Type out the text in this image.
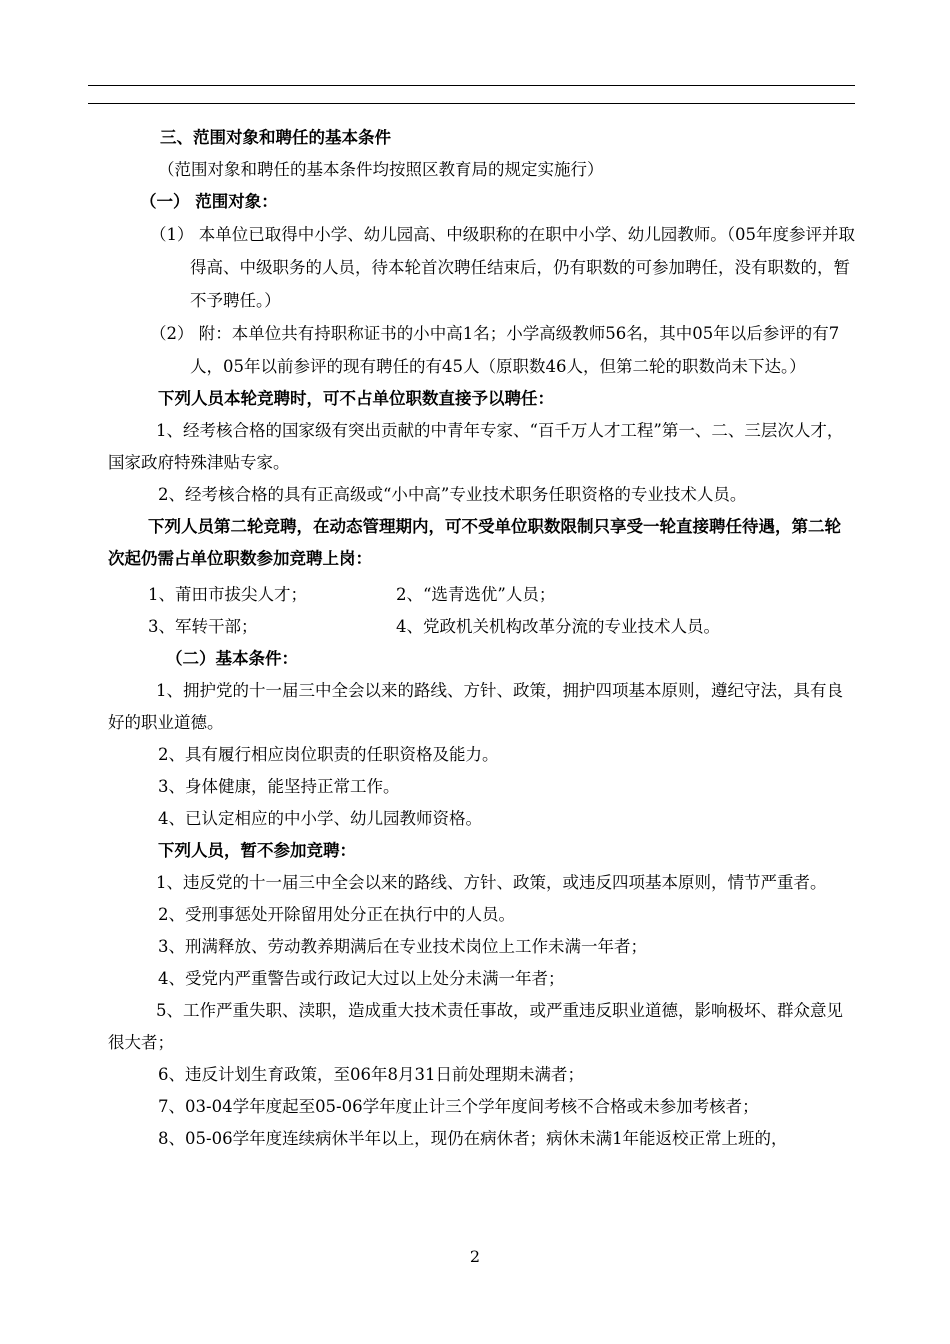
三、范围对象和聘任的基本条件

（范围对象和聘任的基本条件均按照区教育局的规定实施行）

（一） 范围对象：

（1） 本单位已取得中小学、幼儿园高、中级职称的在职中小学、幼儿园教师。（05年度参评并取得高、中级职务的人员，待本轮首次聘任结束后，仍有职数的可参加聘任，没有职数的，暂不予聘任。）

（2） 附：本单位共有持职称证书的小中高1名；小学高级教师56名，其中05年以后参评的有7人，05年以前参评的现有聘任的有45人（原职数46人，但第二轮的职数尚未下达。）

下列人员本轮竞聘时，可不占单位职数直接予以聘任：

1、经考核合格的国家级有突出贡献的中青年专家、“百千万人才工程”第一、二、三层次人才，国家政府特殊津贴专家。

2、经考核合格的具有正高级或“小中高”专业技术职务任职资格的专业技术人员。

下列人员第二轮竞聘，在动态管理期内，可不受单位职数限制只享受一轮直接聘任待遇，第二轮次起仍需占单位职数参加竞聘上岗：

1、莆田市拔尖人才；	2、“选青选优”人员；
3、军转干部；	4、党政机关机构改革分流的专业技术人员。

（二）基本条件：

1、拥护党的十一届三中全会以来的路线、方针、政策，拥护四项基本原则，遵纪守法，具有良好的职业道德。

2、具有履行相应岗位职责的任职资格及能力。

3、身体健康，能坚持正常工作。

4、已认定相应的中小学、幼儿园教师资格。

下列人员，暂不参加竞聘：

1、违反党的十一届三中全会以来的路线、方针、政策，或违反四项基本原则，情节严重者。

2、受刑事惩处开除留用处分正在执行中的人员。

3、刑满释放、劳动教养期满后在专业技术岗位上工作未满一年者；

4、受党内严重警告或行政记大过以上处分未满一年者；

5、工作严重失职、渎职，造成重大技术责任事故，或严重违反职业道德，影响极坏、群众意见很大者；

6、违反计划生育政策，至06年8月31日前处理期未满者；

7、03-04学年度起至05-06学年度止计三个学年度间考核不合格或未参加考核者；

8、05-06学年度连续病休半年以上，现仍在病休者；病休未满1年能返校正常上班的，

2
